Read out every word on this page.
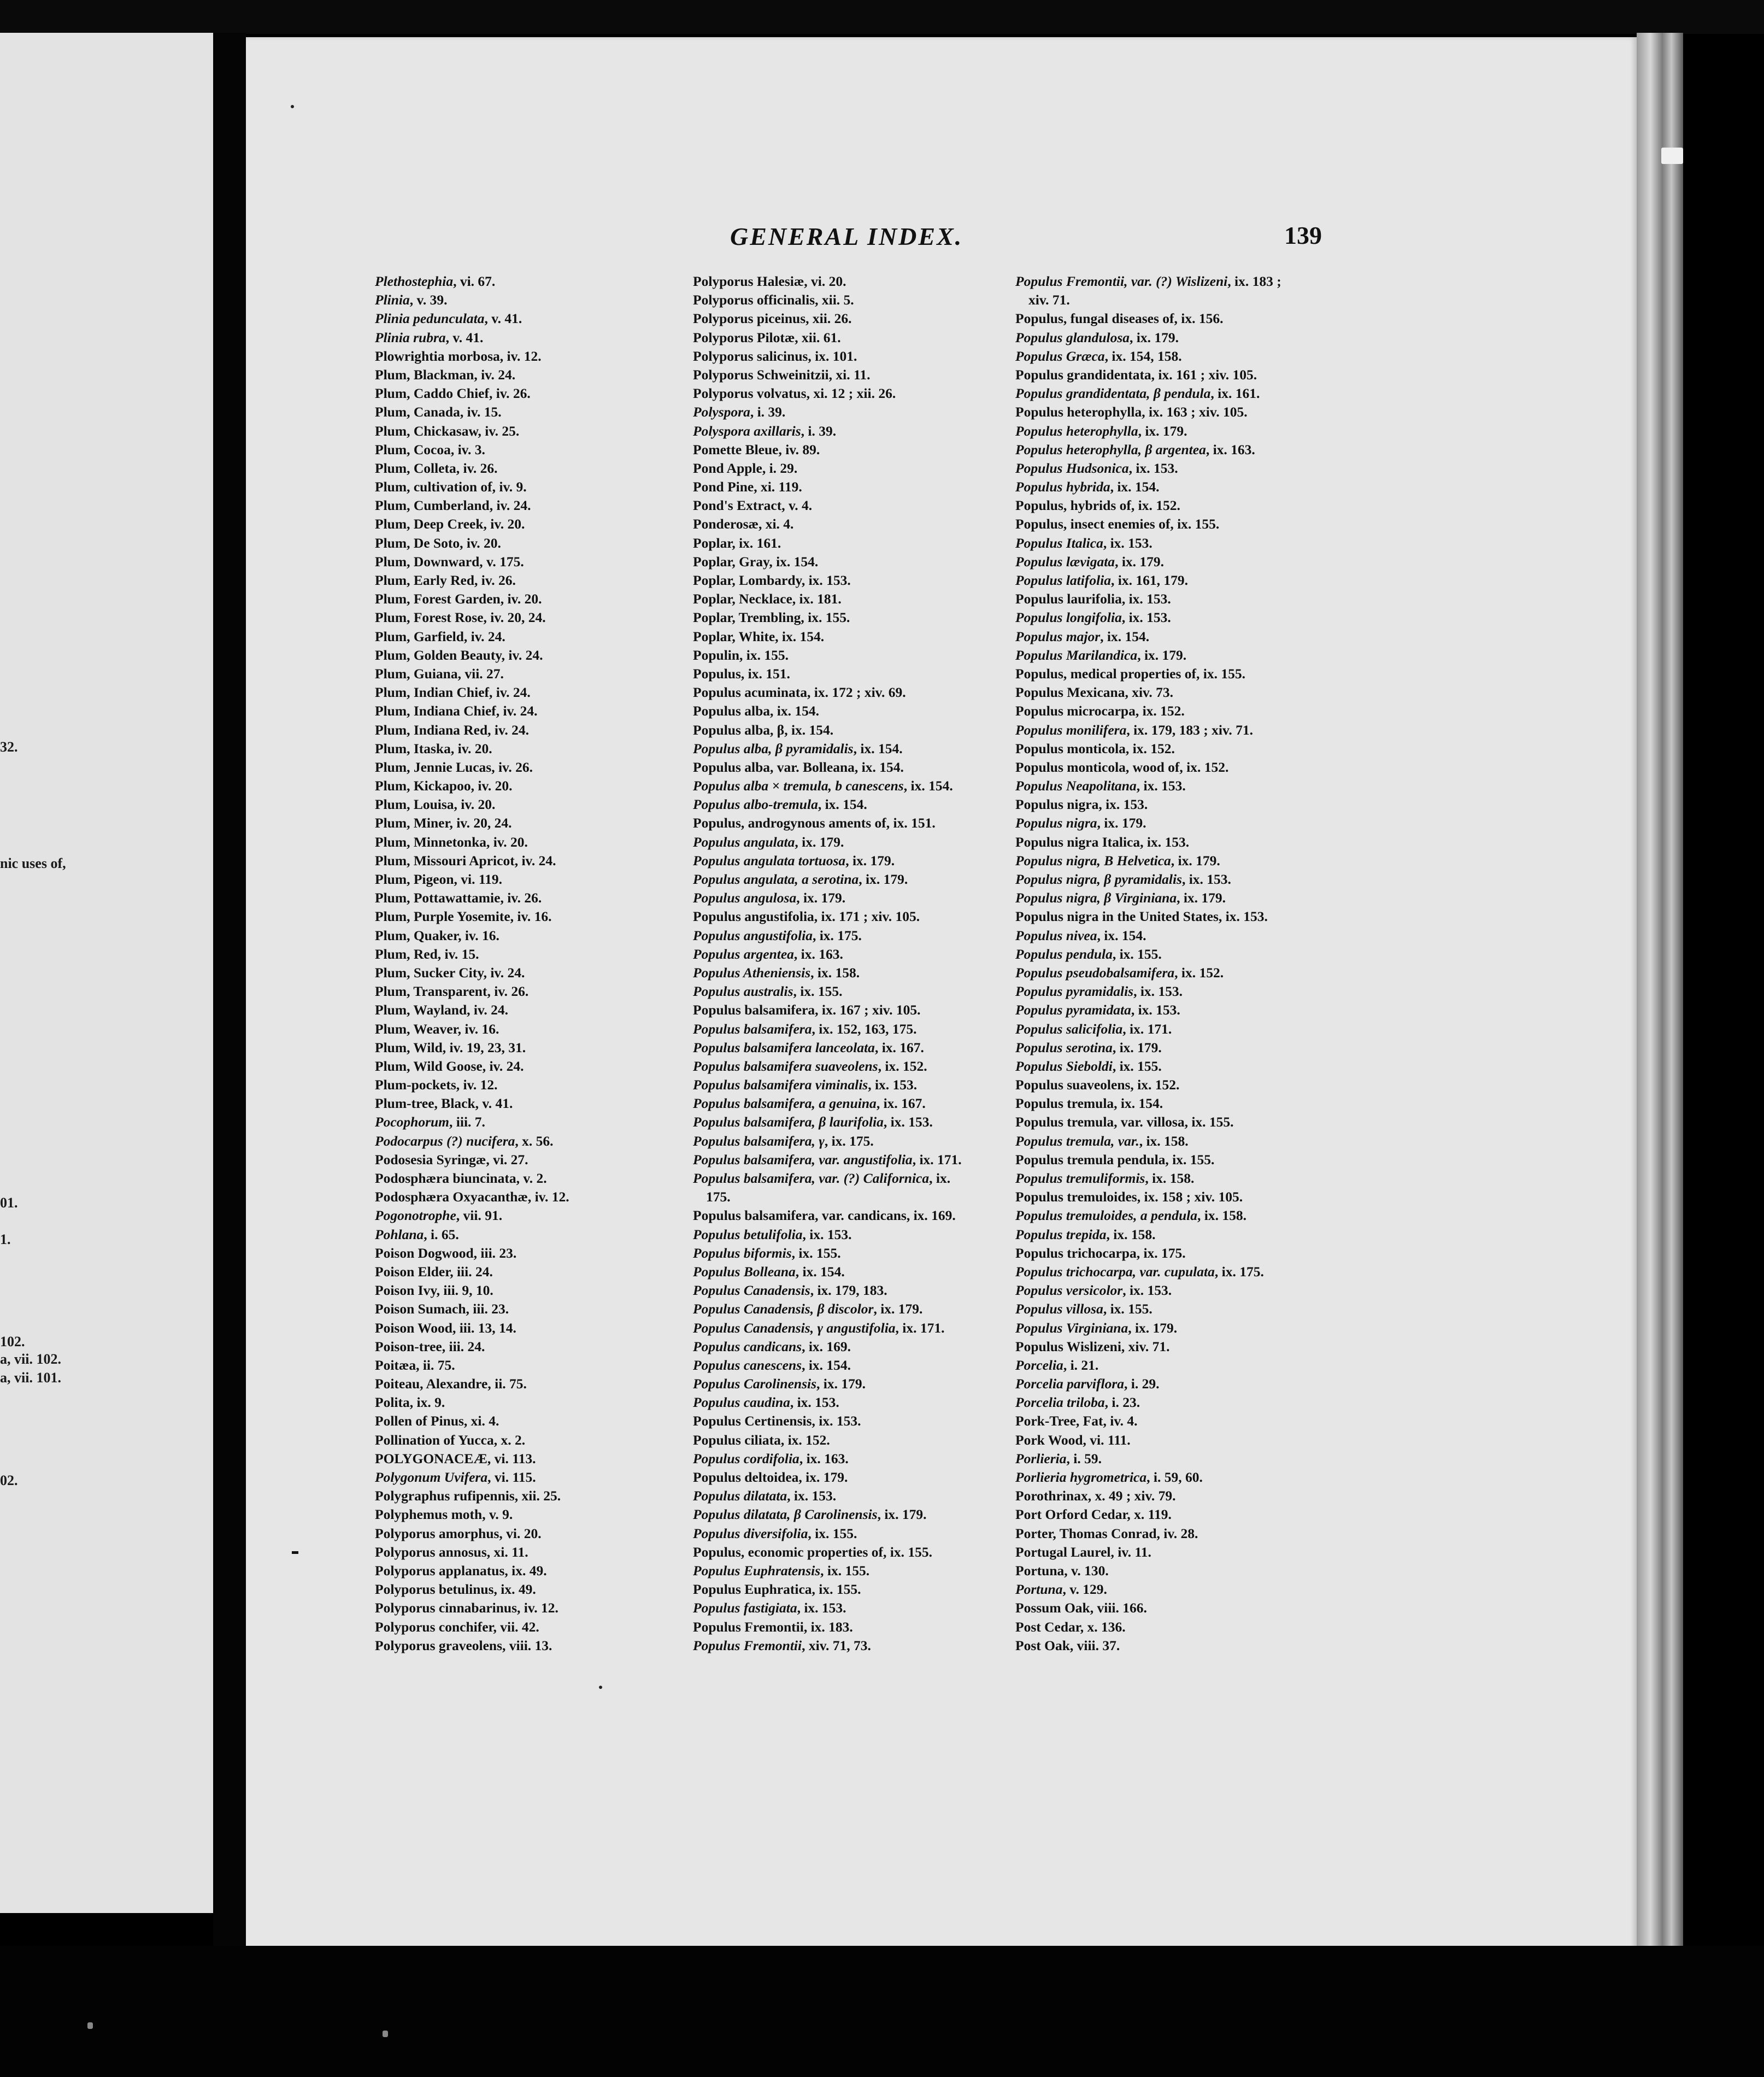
32.
nic uses of,
01.
1.
102.
a, vii. 102.
a, vii. 101.
02.
GENERAL INDEX.	139
Plethostephia, vi. 67.
Plinia, v. 39.
Plinia pedunculata, v. 41.
Plinia rubra, v. 41.
Plowrightia morbosa, iv. 12.
Plum, Blackman, iv. 24.
Plum, Caddo Chief, iv. 26.
Plum, Canada, iv. 15.
Plum, Chickasaw, iv. 25.
Plum, Cocoa, iv. 3.
Plum, Colleta, iv. 26.
Plum, cultivation of, iv. 9.
Plum, Cumberland, iv. 24.
Plum, Deep Creek, iv. 20.
Plum, De Soto, iv. 20.
Plum, Downward, v. 175.
Plum, Early Red, iv. 26.
Plum, Forest Garden, iv. 20.
Plum, Forest Rose, iv. 20, 24.
Plum, Garfield, iv. 24.
Plum, Golden Beauty, iv. 24.
Plum, Guiana, vii. 27.
Plum, Indian Chief, iv. 24.
Plum, Indiana Chief, iv. 24.
Plum, Indiana Red, iv. 24.
Plum, Itaska, iv. 20.
Plum, Jennie Lucas, iv. 26.
Plum, Kickapoo, iv. 20.
Plum, Louisa, iv. 20.
Plum, Miner, iv. 20, 24.
Plum, Minnetonka, iv. 20.
Plum, Missouri Apricot, iv. 24.
Plum, Pigeon, vi. 119.
Plum, Pottawattamie, iv. 26.
Plum, Purple Yosemite, iv. 16.
Plum, Quaker, iv. 16.
Plum, Red, iv. 15.
Plum, Sucker City, iv. 24.
Plum, Transparent, iv. 26.
Plum, Wayland, iv. 24.
Plum, Weaver, iv. 16.
Plum, Wild, iv. 19, 23, 31.
Plum, Wild Goose, iv. 24.
Plum-pockets, iv. 12.
Plum-tree, Black, v. 41.
Pocophorum, iii. 7.
Podocarpus (?) nucifera, x. 56.
Podosesia Syringæ, vi. 27.
Podosphæra biuncinata, v. 2.
Podosphæra Oxyacanthæ, iv. 12.
Pogonotrophe, vii. 91.
Pohlana, i. 65.
Poison Dogwood, iii. 23.
Poison Elder, iii. 24.
Poison Ivy, iii. 9, 10.
Poison Sumach, iii. 23.
Poison Wood, iii. 13, 14.
Poison-tree, iii. 24.
Poitæa, ii. 75.
Poiteau, Alexandre, ii. 75.
Polita, ix. 9.
Pollen of Pinus, xi. 4.
Pollination of Yucca, x. 2.
POLYGONACEÆ, vi. 113.
Polygonum Uvifera, vi. 115.
Polygraphus rufipennis, xii. 25.
Polyphemus moth, v. 9.
Polyporus amorphus, vi. 20.
Polyporus annosus, xi. 11.
Polyporus applanatus, ix. 49.
Polyporus betulinus, ix. 49.
Polyporus cinnabarinus, iv. 12.
Polyporus conchifer, vii. 42.
Polyporus graveolens, viii. 13.
Polyporus Halesiæ, vi. 20.
Polyporus officinalis, xii. 5.
Polyporus piceinus, xii. 26.
Polyporus Pilotæ, xii. 61.
Polyporus salicinus, ix. 101.
Polyporus Schweinitzii, xi. 11.
Polyporus volvatus, xi. 12 ; xii. 26.
Polyspora, i. 39.
Polyspora axillaris, i. 39.
Pomette Bleue, iv. 89.
Pond Apple, i. 29.
Pond Pine, xi. 119.
Pond's Extract, v. 4.
Ponderosæ, xi. 4.
Poplar, ix. 161.
Poplar, Gray, ix. 154.
Poplar, Lombardy, ix. 153.
Poplar, Necklace, ix. 181.
Poplar, Trembling, ix. 155.
Poplar, White, ix. 154.
Populin, ix. 155.
Populus, ix. 151.
Populus acuminata, ix. 172 ; xiv. 69.
Populus alba, ix. 154.
Populus alba, β, ix. 154.
Populus alba, β pyramidalis, ix. 154.
Populus alba, var. Bolleana, ix. 154.
Populus alba × tremula, b canescens, ix. 154.
Populus albo-tremula, ix. 154.
Populus, androgynous aments of, ix. 151.
Populus angulata, ix. 179.
Populus angulata tortuosa, ix. 179.
Populus angulata, a serotina, ix. 179.
Populus angulosa, ix. 179.
Populus angustifolia, ix. 171 ; xiv. 105.
Populus angustifolia, ix. 175.
Populus argentea, ix. 163.
Populus Atheniensis, ix. 158.
Populus australis, ix. 155.
Populus balsamifera, ix. 167 ; xiv. 105.
Populus balsamifera, ix. 152, 163, 175.
Populus balsamifera lanceolata, ix. 167.
Populus balsamifera suaveolens, ix. 152.
Populus balsamifera viminalis, ix. 153.
Populus balsamifera, a genuina, ix. 167.
Populus balsamifera, β laurifolia, ix. 153.
Populus balsamifera, γ, ix. 175.
Populus balsamifera, var. angustifolia, ix. 171.
Populus balsamifera, var. (?) Californica, ix.
175.
Populus balsamifera, var. candicans, ix. 169.
Populus betulifolia, ix. 153.
Populus biformis, ix. 155.
Populus Bolleana, ix. 154.
Populus Canadensis, ix. 179, 183.
Populus Canadensis, β discolor, ix. 179.
Populus Canadensis, γ angustifolia, ix. 171.
Populus candicans, ix. 169.
Populus canescens, ix. 154.
Populus Carolinensis, ix. 179.
Populus caudina, ix. 153.
Populus Certinensis, ix. 153.
Populus ciliata, ix. 152.
Populus cordifolia, ix. 163.
Populus deltoidea, ix. 179.
Populus dilatata, ix. 153.
Populus dilatata, β Carolinensis, ix. 179.
Populus diversifolia, ix. 155.
Populus, economic properties of, ix. 155.
Populus Euphratensis, ix. 155.
Populus Euphratica, ix. 155.
Populus fastigiata, ix. 153.
Populus Fremontii, ix. 183.
Populus Fremontii, xiv. 71, 73.
Populus Fremontii, var. (?) Wislizeni, ix. 183 ;
xiv. 71.
Populus, fungal diseases of, ix. 156.
Populus glandulosa, ix. 179.
Populus Græca, ix. 154, 158.
Populus grandidentata, ix. 161 ; xiv. 105.
Populus grandidentata, β pendula, ix. 161.
Populus heterophylla, ix. 163 ; xiv. 105.
Populus heterophylla, ix. 179.
Populus heterophylla, β argentea, ix. 163.
Populus Hudsonica, ix. 153.
Populus hybrida, ix. 154.
Populus, hybrids of, ix. 152.
Populus, insect enemies of, ix. 155.
Populus Italica, ix. 153.
Populus lævigata, ix. 179.
Populus latifolia, ix. 161, 179.
Populus laurifolia, ix. 153.
Populus longifolia, ix. 153.
Populus major, ix. 154.
Populus Marilandica, ix. 179.
Populus, medical properties of, ix. 155.
Populus Mexicana, xiv. 73.
Populus microcarpa, ix. 152.
Populus monilifera, ix. 179, 183 ; xiv. 71.
Populus monticola, ix. 152.
Populus monticola, wood of, ix. 152.
Populus Neapolitana, ix. 153.
Populus nigra, ix. 153.
Populus nigra, ix. 179.
Populus nigra Italica, ix. 153.
Populus nigra, B Helvetica, ix. 179.
Populus nigra, β pyramidalis, ix. 153.
Populus nigra, β Virginiana, ix. 179.
Populus nigra in the United States, ix. 153.
Populus nivea, ix. 154.
Populus pendula, ix. 155.
Populus pseudobalsamifera, ix. 152.
Populus pyramidalis, ix. 153.
Populus pyramidata, ix. 153.
Populus salicifolia, ix. 171.
Populus serotina, ix. 179.
Populus Sieboldi, ix. 155.
Populus suaveolens, ix. 152.
Populus tremula, ix. 154.
Populus tremula, var. villosa, ix. 155.
Populus tremula, var., ix. 158.
Populus tremula pendula, ix. 155.
Populus tremuliformis, ix. 158.
Populus tremuloides, ix. 158 ; xiv. 105.
Populus tremuloides, a pendula, ix. 158.
Populus trepida, ix. 158.
Populus trichocarpa, ix. 175.
Populus trichocarpa, var. cupulata, ix. 175.
Populus versicolor, ix. 153.
Populus villosa, ix. 155.
Populus Virginiana, ix. 179.
Populus Wislizeni, xiv. 71.
Porcelia, i. 21.
Porcelia parviflora, i. 29.
Porcelia triloba, i. 23.
Pork-Tree, Fat, iv. 4.
Pork Wood, vi. 111.
Porlieria, i. 59.
Porlieria hygrometrica, i. 59, 60.
Porothrinax, x. 49 ; xiv. 79.
Port Orford Cedar, x. 119.
Porter, Thomas Conrad, iv. 28.
Portugal Laurel, iv. 11.
Portuna, v. 130.
Portuna, v. 129.
Possum Oak, viii. 166.
Post Cedar, x. 136.
Post Oak, viii. 37.
